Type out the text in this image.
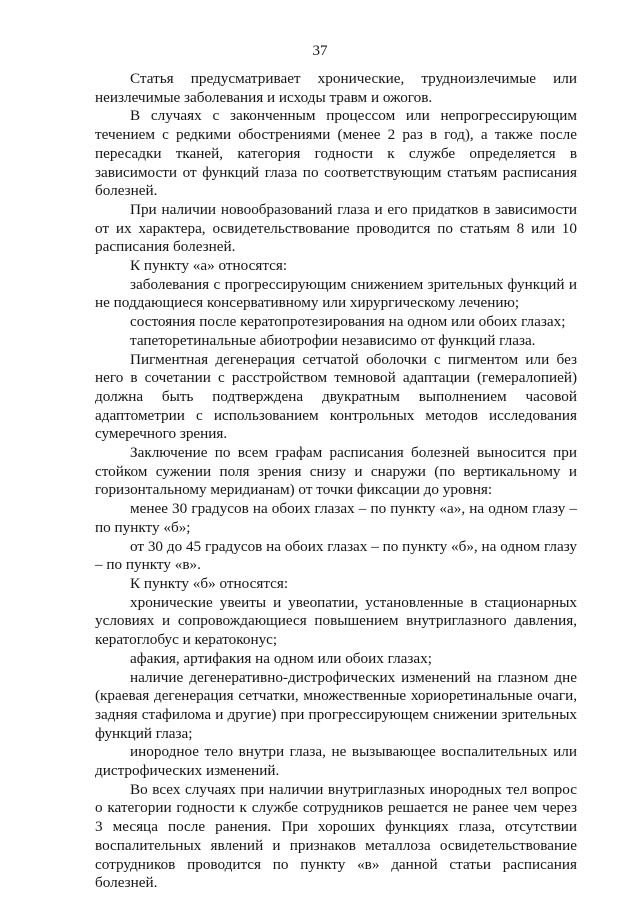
37

Статья предусматривает хронические, трудноизлечимые или неизлечимые заболевания и исходы травм и ожогов.

В случаях с законченным процессом или непрогрессирующим течением с редкими обострениями (менее 2 раз в год), а также после пересадки тканей, категория годности к службе определяется в зависимости от функций глаза по соответствующим статьям расписания болезней.

При наличии новообразований глаза и его придатков в зависимости от их характера, освидетельствование проводится по статьям 8 или 10 расписания болезней.

К пункту «а» относятся:

заболевания с прогрессирующим снижением зрительных функций и не поддающиеся консервативному или хирургическому лечению;

состояния после кератопротезирования на одном или обоих глазах;

тапеторетинальные абиотрофии независимо от функций глаза.

Пигментная дегенерация сетчатой оболочки с пигментом или без него в сочетании с расстройством темновой адаптации (гемералопией) должна быть подтверждена двукратным выполнением часовой адаптометрии с использованием контрольных методов исследования сумеречного зрения.

Заключение по всем графам расписания болезней выносится при стойком сужении поля зрения снизу и снаружи (по вертикальному и горизонтальному меридианам) от точки фиксации до уровня:

менее 30 градусов на обоих глазах – по пункту «а», на одном глазу – по пункту «б»;

от 30 до 45 градусов на обоих глазах – по пункту «б», на одном глазу – по пункту «в».

К пункту «б» относятся:

хронические увеиты и увеопатии, установленные в стационарных условиях и сопровождающиеся повышением внутриглазного давления, кератоглобус и кератоконус;

афакия, артифакия на одном или обоих глазах;

наличие дегенеративно-дистрофических изменений на глазном дне (краевая дегенерация сетчатки, множественные хориоретинальные очаги, задняя стафилома и другие) при прогрессирующем снижении зрительных функций глаза;

инородное тело внутри глаза, не вызывающее воспалительных или дистрофических изменений.

Во всех случаях при наличии внутриглазных инородных тел вопрос о категории годности к службе сотрудников решается не ранее чем через 3 месяца после ранения. При хороших функциях глаза, отсутствии воспалительных явлений и признаков металлоза освидетельствование сотрудников проводится по пункту «в» данной статьи расписания болезней.
